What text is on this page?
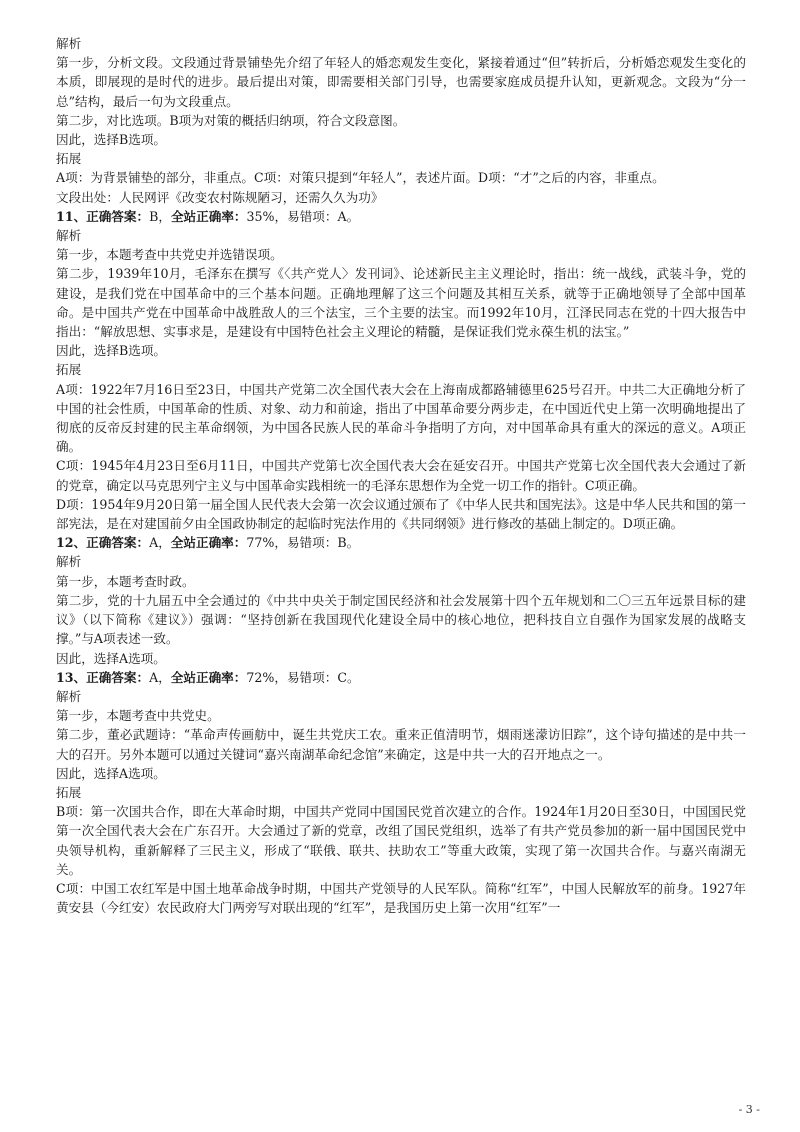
解析
第一步，分析文段。文段通过背景铺垫先介绍了年轻人的婚恋观发生变化，紧接着通过“但”转折后，分析婚恋观发生变化的本质，即展现的是时代的进步。最后提出对策，即需要相关部门引导，也需要家庭成员提升认知，更新观念。文段为“分一总”结构，最后一句为文段重点。
第二步，对比选项。B项为对策的概括归纳项，符合文段意图。
因此，选择B选项。
拓展
A项：为背景铺垫的部分，非重点。C项：对策只提到“年轻人”，表述片面。D项：“才”之后的内容，非重点。
文段出处：人民网评《改变农村陈规陋习，还需久久为功》
11、正确答案：B，全站正确率：35%，易错项：A。
解析
第一步，本题考查中共党史并选错误项。
第二步，1939年10月，毛泽东在撰写《〈共产党人〉发刊词》、论述新民主主义理论时，指出：统一战线，武装斗争，党的建设，是我们党在中国革命中的三个基本问题。正确地理解了这三个问题及其相互关系，就等于正确地领导了全部中国革命。是中国共产党在中国革命中战胜敌人的三个法宝，三个主要的法宝。而1992年10月，江泽民同志在党的十四大报告中指出：“解放思想、实事求是，是建设有中国特色社会主义理论的精髓，是保证我们党永葆生机的法宝。”
因此，选择B选项。
拓展
A项：1922年7月16日至23日，中国共产党第二次全国代表大会在上海南成都路辅德里625号召开。中共二大正确地分析了中国的社会性质，中国革命的性质、对象、动力和前途，指出了中国革命要分两步走，在中国近代史上第一次明确地提出了彻底的反帝反封建的民主革命纲领，为中国各民族人民的革命斗争指明了方向，对中国革命具有重大的深远的意义。A项正确。
C项：1945年4月23日至6月11日，中国共产党第七次全国代表大会在延安召开。中国共产党第七次全国代表大会通过了新的党章，确定以马克思列宁主义与中国革命实践相统一的毛泽东思想作为全党一切工作的指针。C项正确。
D项：1954年9月20日第一届全国人民代表大会第一次会议通过颁布了《中华人民共和国宪法》。这是中华人民共和国的第一部宪法，是在对建国前夕由全国政协制定的起临时宪法作用的《共同纲领》进行修改的基础上制定的。D项正确。
12、正确答案：A，全站正确率：77%，易错项：B。
解析
第一步，本题考查时政。
第二步，党的十九届五中全会通过的《中共中央关于制定国民经济和社会发展第十四个五年规划和二〇三五年远景目标的建议》（以下简称《建议》）强调：“坚持创新在我国现代化建设全局中的核心地位，把科技自立自强作为国家发展的战略支撑。”与A项表述一致。
因此，选择A选项。
13、正确答案：A，全站正确率：72%，易错项：C。
解析
第一步，本题考查中共党史。
第二步，董必武题诗：“革命声传画舫中，诞生共党庆工农。重来正值清明节，烟雨迷濛访旧踪”，这个诗句描述的是中共一大的召开。另外本题可以通过关键词“嘉兴南湖革命纪念馆”来确定，这是中共一大的召开地点之一。
因此，选择A选项。
拓展
B项：第一次国共合作，即在大革命时期，中国共产党同中国国民党首次建立的合作。1924年1月20日至30日，中国国民党第一次全国代表大会在广东召开。大会通过了新的党章，改组了国民党组织，选举了有共产党员参加的新一届中国国民党中央领导机构，重新解释了三民主义，形成了“联俄、联共、扶助农工”等重大政策，实现了第一次国共合作。与嘉兴南湖无关。
C项：中国工农红军是中国土地革命战争时期，中国共产党领导的人民军队。简称“红军”，中国人民解放军的前身。1927年黄安县（今红安）农民政府大门两旁写对联出现的“红军”，是我国历史上第一次用“红军”一
- 3 -
